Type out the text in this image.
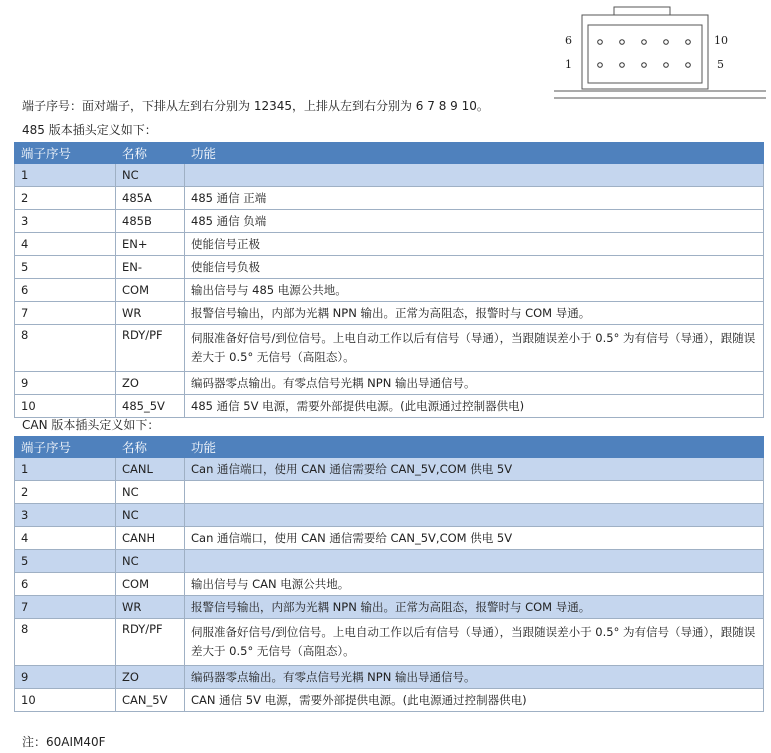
6	10
1	5
端子序号：面对端子，下排从左到右分别为 12345，上排从左到右分别为 6 7 8 9 10。
485 版本插头定义如下：
端子序号	名称	功能
1	NC	
2	485A	485 通信 正端
3	485B	485 通信 负端
4	EN+	使能信号正极
5	EN-	使能信号负极
6	COM	输出信号与 485 电源公共地。
7	WR	报警信号输出，内部为光耦 NPN 输出。正常为高阻态，报警时与 COM 导通。
8	RDY/PF	伺服准备好信号/到位信号。上电自动工作以后有信号（导通），当跟随误差小于 0.5° 为有信号（导通），跟随误差大于 0.5° 无信号（高阻态）。
9	ZO	编码器零点输出。有零点信号光耦 NPN 输出导通信号。
10	485_5V	485 通信 5V 电源，需要外部提供电源。(此电源通过控制器供电)
CAN 版本插头定义如下：
端子序号	名称	功能
1	CANL	Can 通信端口，使用 CAN 通信需要给 CAN_5V,COM 供电 5V
2	NC	
3	NC	
4	CANH	Can 通信端口，使用 CAN 通信需要给 CAN_5V,COM 供电 5V
5	NC	
6	COM	输出信号与 CAN 电源公共地。
7	WR	报警信号输出，内部为光耦 NPN 输出。正常为高阻态，报警时与 COM 导通。
8	RDY/PF	伺服准备好信号/到位信号。上电自动工作以后有信号（导通），当跟随误差小于 0.5° 为有信号（导通），跟随误差大于 0.5° 无信号（高阻态）。
9	ZO	编码器零点输出。有零点信号光耦 NPN 输出导通信号。
10	CAN_5V	CAN 通信 5V 电源，需要外部提供电源。(此电源通过控制器供电)
注：60AIM40F
